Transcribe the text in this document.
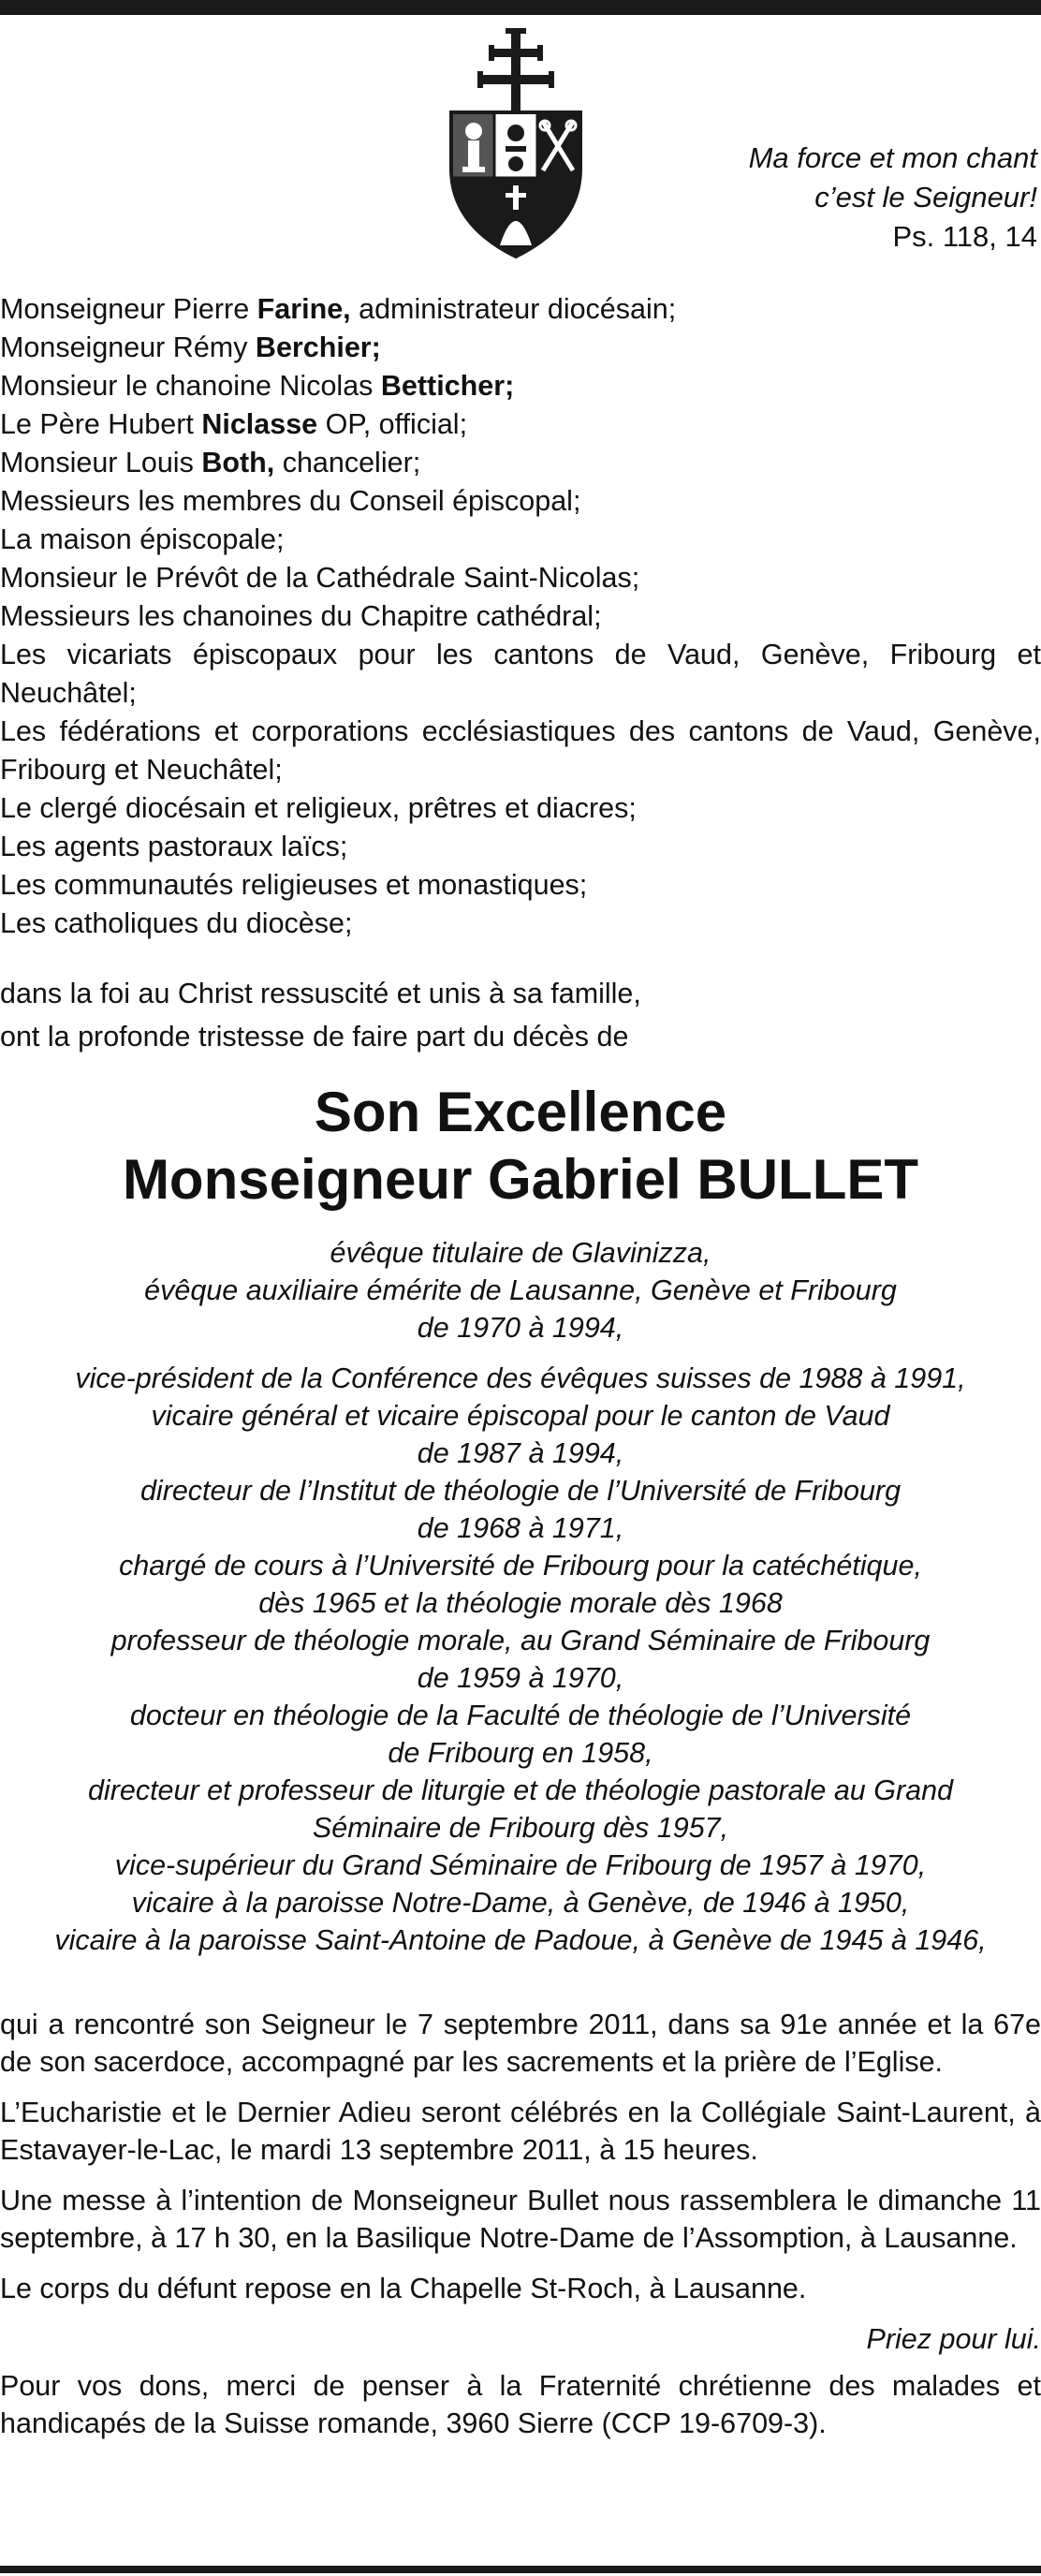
Ma force et mon chant
c’est le Seigneur!
Ps. 118, 14
Monseigneur Pierre Farine, administrateur diocésain;
Monseigneur Rémy Berchier;
Monsieur le chanoine Nicolas Betticher;
Le Père Hubert Niclasse OP, official;
Monsieur Louis Both, chancelier;
Messieurs les membres du Conseil épiscopal;
La maison épiscopale;
Monsieur le Prévôt de la Cathédrale Saint-Nicolas;
Messieurs les chanoines du Chapitre cathédral;
Les vicariats épiscopaux pour les cantons de Vaud, Genève, Fribourg et Neuchâtel;
Les fédérations et corporations ecclésiastiques des cantons de Vaud, Genève, Fribourg et Neuchâtel;
Le clergé diocésain et religieux, prêtres et diacres;
Les agents pastoraux laïcs;
Les communautés religieuses et monastiques;
Les catholiques du diocèse;
dans la foi au Christ ressuscité et unis à sa famille,
ont la profonde tristesse de faire part du décès de
Son Excellence
Monseigneur Gabriel BULLET
évêque titulaire de Glavinizza,
évêque auxiliaire émérite de Lausanne, Genève et Fribourg
de 1970 à 1994,
vice-président de la Conférence des évêques suisses de 1988 à 1991,
vicaire général et vicaire épiscopal pour le canton de Vaud
de 1987 à 1994,
directeur de l’Institut de théologie de l’Université de Fribourg
de 1968 à 1971,
chargé de cours à l’Université de Fribourg pour la catéchétique,
dès 1965 et la théologie morale dès 1968
professeur de théologie morale, au Grand Séminaire de Fribourg
de 1959 à 1970,
docteur en théologie de la Faculté de théologie de l’Université
de Fribourg en 1958,
directeur et professeur de liturgie et de théologie pastorale au Grand
Séminaire de Fribourg dès 1957,
vice-supérieur du Grand Séminaire de Fribourg de 1957 à 1970,
vicaire à la paroisse Notre-Dame, à Genève, de 1946 à 1950,
vicaire à la paroisse Saint-Antoine de Padoue, à Genève de 1945 à 1946,

qui a rencontré son Seigneur le 7 septembre 2011, dans sa 91e année et la 67e de son sacerdoce, accompagné par les sacrements et la prière de l’Eglise.

L’Eucharistie et le Dernier Adieu seront célébrés en la Collégiale Saint-Laurent, à Estavayer-le-Lac, le mardi 13 septembre 2011, à 15 heures.

Une messe à l’intention de Monseigneur Bullet nous rassemblera le dimanche 11 septembre, à 17 h 30, en la Basilique Notre-Dame de l’Assomption, à Lausanne.

Le corps du défunt repose en la Chapelle St-Roch, à Lausanne.

Priez pour lui.

Pour vos dons, merci de penser à la Fraternité chrétienne des malades et handicapés de la Suisse romande, 3960 Sierre (CCP 19-6709-3).
